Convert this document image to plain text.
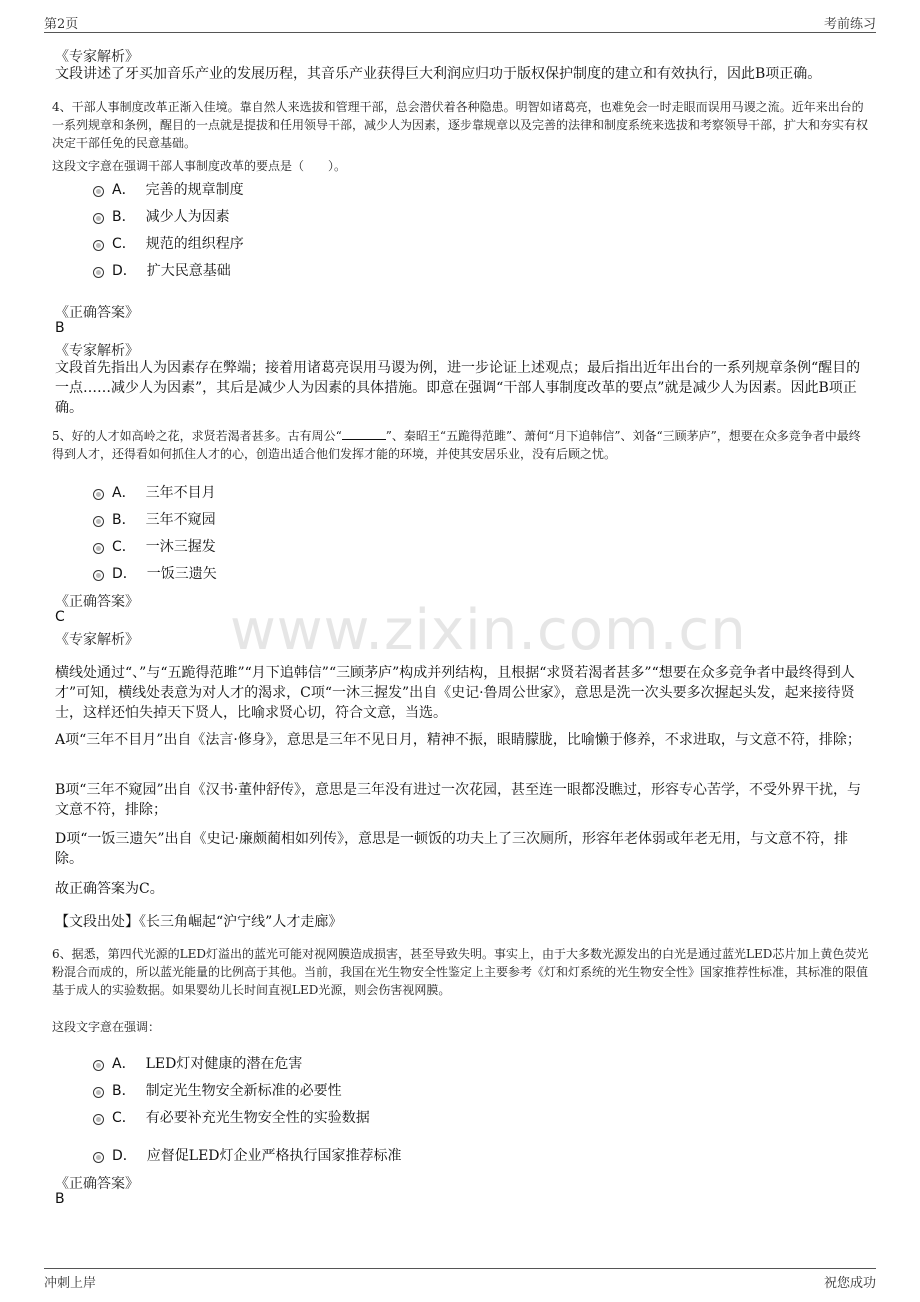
第2页	考前练习
www.zixin.com.cn
《专家解析》
文段讲述了牙买加音乐产业的发展历程，其音乐产业获得巨大利润应归功于版权保护制度的建立和有效执行，因此B项正确。
4、干部人事制度改革正渐入佳境。靠自然人来选拔和管理干部，总会潜伏着各种隐患。明智如诸葛亮，也难免会一时走眼而误用马谡之流。近年来出台的一系列规章和条例，醒目的一点就是提拔和任用领导干部，减少人为因素，逐步靠规章以及完善的法律和制度系统来选拔和考察领导干部，扩大和夯实有权决定干部任免的民意基础。
这段文字意在强调干部人事制度改革的要点是（　　）。
A． 完善的规章制度
B． 减少人为因素
C． 规范的组织程序
D． 扩大民意基础
《正确答案》
B
《专家解析》
文段首先指出人为因素存在弊端；接着用诸葛亮误用马谡为例，进一步论证上述观点；最后指出近年出台的一系列规章条例“醒目的一点……减少人为因素”，其后是减少人为因素的具体措施。即意在强调“干部人事制度改革的要点”就是减少人为因素。因此B项正确。
5、好的人才如高岭之花，求贤若渴者甚多。古有周公“	”、秦昭王“五跪得范雎”、萧何“月下追韩信”、刘备“三顾茅庐”，想要在众多竞争者中最终得到人才，还得看如何抓住人才的心，创造出适合他们发挥才能的环境，并使其安居乐业，没有后顾之忧。
A． 三年不目月
B． 三年不窥园
C． 一沐三握发
D． 一饭三遗矢
《正确答案》
C
《专家解析》
横线处通过“、”与“五跪得范雎”“月下追韩信”“三顾茅庐”构成并列结构，且根据“求贤若渴者甚多”“想要在众多竞争者中最终得到人才”可知，横线处表意为对人才的渴求，C项“一沐三握发”出自《史记·鲁周公世家》，意思是洗一次头要多次握起头发，起来接待贤士，这样还怕失掉天下贤人，比喻求贤心切，符合文意，当选。
A项“三年不目月”出自《法言·修身》，意思是三年不见日月，精神不振，眼睛朦胧，比喻懒于修养，不求进取，与文意不符，排除；
B项“三年不窥园”出自《汉书·董仲舒传》，意思是三年没有进过一次花园，甚至连一眼都没瞧过，形容专心苦学，不受外界干扰，与文意不符，排除；
D项“一饭三遗矢”出自《史记·廉颇蔺相如列传》，意思是一顿饭的功夫上了三次厕所，形容年老体弱或年老无用，与文意不符，排除。
故正确答案为C。
【文段出处】《长三角崛起“沪宁线”人才走廊》
6、据悉，第四代光源的LED灯溢出的蓝光可能对视网膜造成损害，甚至导致失明。事实上，由于大多数光源发出的白光是通过蓝光LED芯片加上黄色荧光粉混合而成的，所以蓝光能量的比例高于其他。当前，我国在光生物安全性鉴定上主要参考《灯和灯系统的光生物安全性》国家推荐性标准，其标准的限值基于成人的实验数据。如果婴幼儿长时间直视LED光源，则会伤害视网膜。
这段文字意在强调：
A． LED灯对健康的潜在危害
B． 制定光生物安全新标准的必要性
C． 有必要补充光生物安全性的实验数据
D． 应督促LED灯企业严格执行国家推荐标准
《正确答案》
B
冲刺上岸	祝您成功
